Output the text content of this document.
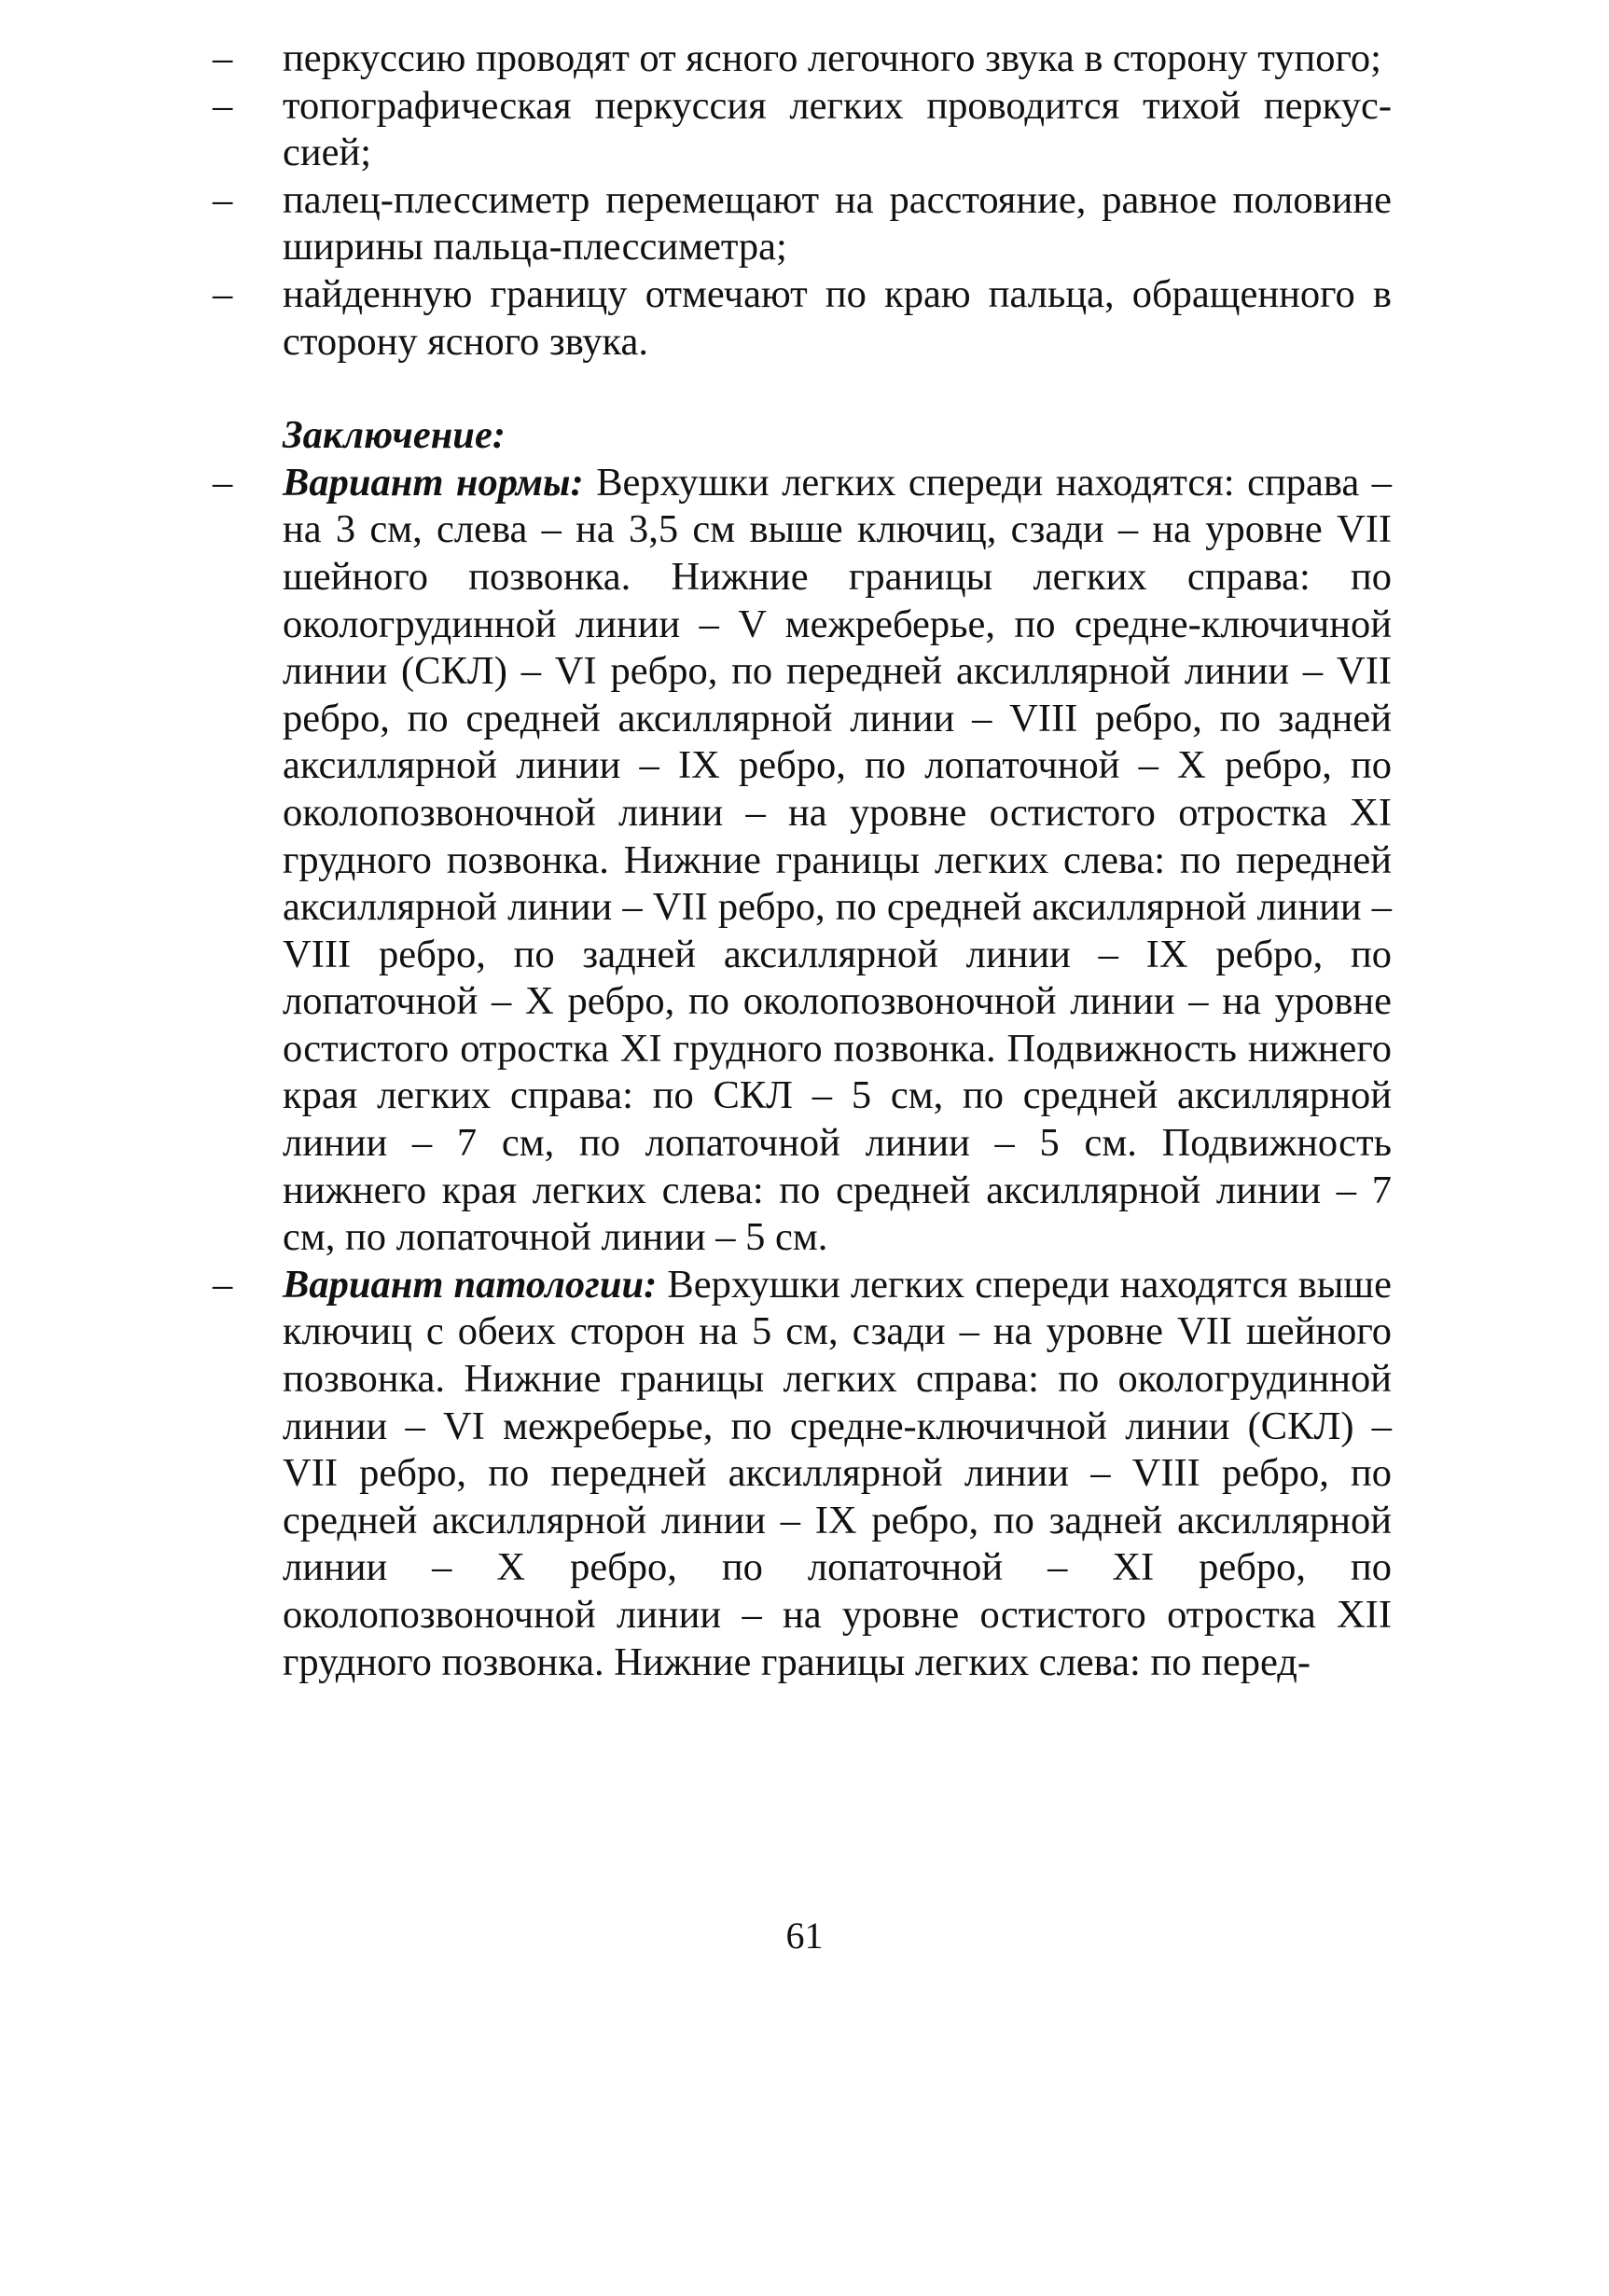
– перкуссию проводят от ясного легочного звука в сторону тупого;
– топографическая перкуссия легких проводится тихой перкуссией;
– палец-плессиметр перемещают на расстояние, равное половине ширины пальца-плессиметра;
– найденную границу отмечают по краю пальца, обращенного в сторону ясного звука.
Заключение:
– Вариант нормы: Верхушки легких спереди находятся: справа – на 3 см, слева – на 3,5 см выше ключиц, сзади – на уровне VII шейного позвонка. Нижние границы легких справа: по окологрудинной линии – V межреберье, по средне-ключичной линии (СКЛ) – VI ребро, по передней аксиллярной линии – VII ребро, по средней аксиллярной линии – VIII ребро, по задней аксиллярной линии – IX ребро, по лопаточной – X ребро, по околопозвоночной линии – на уровне остистого отростка XI грудного позвонка. Нижние границы легких слева: по передней аксиллярной линии – VII ребро, по средней аксиллярной линии – VIII ребро, по задней аксиллярной линии – IX ребро, по лопаточной – X ребро, по околопозвоночной линии – на уровне остистого отростка XI грудного позвонка. Подвижность нижнего края легких справа: по СКЛ – 5 см, по средней аксиллярной линии – 7 см, по лопаточной линии – 5 см. Подвижность нижнего края легких слева: по средней аксиллярной линии – 7 см, по лопаточной линии – 5 см.
– Вариант патологии: Верхушки легких спереди находятся выше ключиц с обеих сторон на 5 см, сзади – на уровне VII шейного позвонка. Нижние границы легких справа: по окологрудинной линии – VI межреберье, по средне-ключичной линии (СКЛ) – VII ребро, по передней аксиллярной линии – VIII ребро, по средней аксиллярной линии – IX ребро, по задней аксиллярной линии – X ребро, по лопаточной – XI ребро, по околопозвоночной линии – на уровне остистого отростка XII грудного позвонка. Нижние границы легких слева: по перед-
61
